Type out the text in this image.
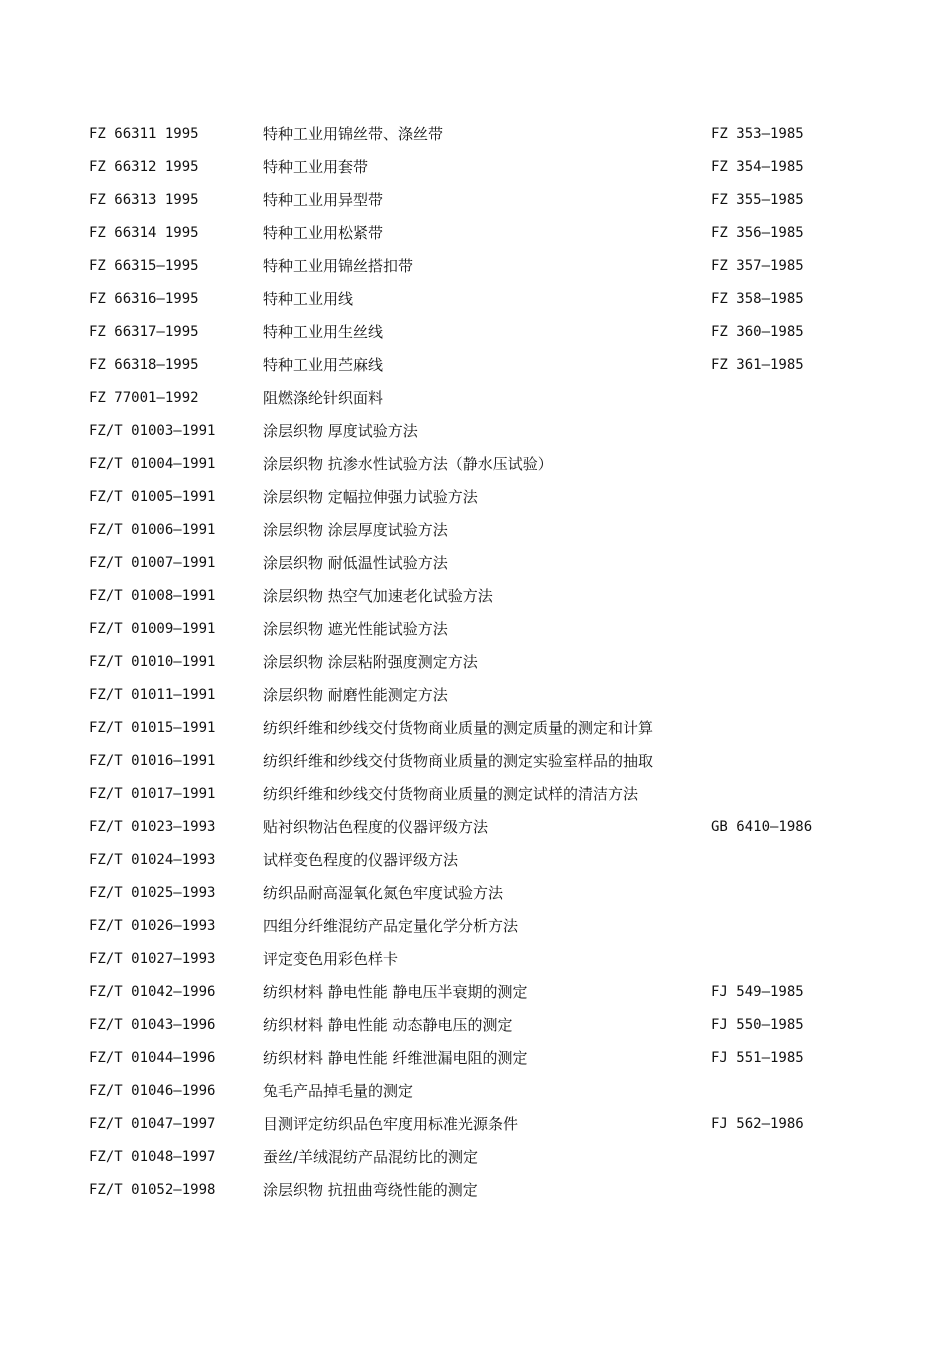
FZ 66311 1995	特种工业用锦丝带、涤丝带	FZ 353—1985
FZ 66312 1995	特种工业用套带	FZ 354—1985
FZ 66313 1995	特种工业用异型带	FZ 355—1985
FZ 66314 1995	特种工业用松紧带	FZ 356—1985
FZ 66315—1995	特种工业用锦丝搭扣带	FZ 357—1985
FZ 66316—1995	特种工业用线	FZ 358—1985
FZ 66317—1995	特种工业用生丝线	FZ 360—1985
FZ 66318—1995	特种工业用苎麻线	FZ 361—1985
FZ 77001—1992	阻燃涤纶针织面料
FZ/T 01003—1991	涂层织物 厚度试验方法
FZ/T 01004—1991	涂层织物 抗渗水性试验方法（静水压试验）
FZ/T 01005—1991	涂层织物 定幅拉伸强力试验方法
FZ/T 01006—1991	涂层织物 涂层厚度试验方法
FZ/T 01007—1991	涂层织物 耐低温性试验方法
FZ/T 01008—1991	涂层织物 热空气加速老化试验方法
FZ/T 01009—1991	涂层织物 遮光性能试验方法
FZ/T 01010—1991	涂层织物 涂层粘附强度测定方法
FZ/T 01011—1991	涂层织物 耐磨性能测定方法
FZ/T 01015—1991	纺织纤维和纱线交付货物商业质量的测定质量的测定和计算
FZ/T 01016—1991	纺织纤维和纱线交付货物商业质量的测定实验室样品的抽取
FZ/T 01017—1991	纺织纤维和纱线交付货物商业质量的测定试样的清洁方法
FZ/T 01023—1993	贴衬织物沾色程度的仪器评级方法	GB 6410—1986
FZ/T 01024—1993	试样变色程度的仪器评级方法
FZ/T 01025—1993	纺织品耐高湿氧化氮色牢度试验方法
FZ/T 01026—1993	四组分纤维混纺产品定量化学分析方法
FZ/T 01027—1993	评定变色用彩色样卡
FZ/T 01042—1996	纺织材料 静电性能 静电压半衰期的测定	FJ 549—1985
FZ/T 01043—1996	纺织材料 静电性能 动态静电压的测定	FJ 550—1985
FZ/T 01044—1996	纺织材料 静电性能 纤维泄漏电阻的测定	FJ 551—1985
FZ/T 01046—1996	兔毛产品掉毛量的测定
FZ/T 01047—1997	目测评定纺织品色牢度用标准光源条件	FJ 562—1986
FZ/T 01048—1997	蚕丝/羊绒混纺产品混纺比的测定
FZ/T 01052—1998	涂层织物 抗扭曲弯绕性能的测定
